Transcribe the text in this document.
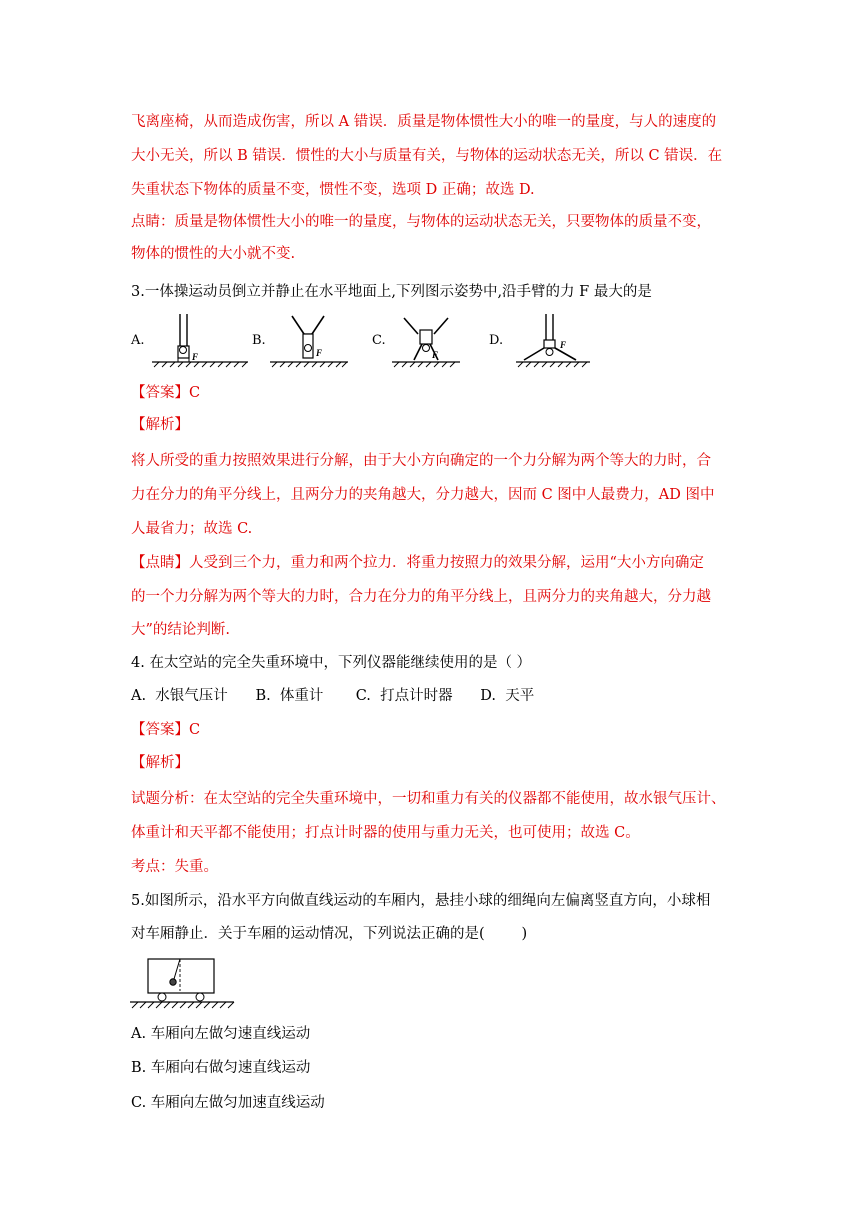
飞离座椅，从而造成伤害，所以 A 错误．质量是物体惯性大小的唯一的量度，与人的速度的
大小无关，所以 B 错误．惯性的大小与质量有关，与物体的运动状态无关，所以 C 错误．在
失重状态下物体的质量不变，惯性不变，选项 D 正确；故选 D.
点睛：质量是物体惯性大小的唯一的量度，与物体的运动状态无关，只要物体的质量不变，
物体的惯性的大小就不变.
3.一体操运动员倒立并静止在水平地面上,下列图示姿势中,沿手臂的力 F 最大的是
A.	B.	C.	D.
F	F	F
F
【答案】C
【解析】
将人所受的重力按照效果进行分解，由于大小方向确定的一个力分解为两个等大的力时，合
力在分力的角平分线上，且两分力的夹角越大，分力越大，因而 C 图中人最费力，AD 图中
人最省力；故选 C.
【点睛】人受到三个力，重力和两个拉力．将重力按照力的效果分解，运用“大小方向确定
的一个力分解为两个等大的力时，合力在分力的角平分线上，且两分力的夹角越大，分力越
大”的结论判断.
4. 在太空站的完全失重环境中，下列仪器能继续使用的是（ ）
A.  水银气压计      B.  体重计       C.  打点计时器      D.  天平
【答案】C
【解析】
试题分析：在太空站的完全失重环境中，一切和重力有关的仪器都不能使用，故水银气压计、
体重计和天平都不能使用；打点计时器的使用与重力无关，也可使用；故选 C。
考点：失重。
5.如图所示，沿水平方向做直线运动的车厢内，悬挂小球的细绳向左偏离竖直方向，小球相
对车厢静止．关于车厢的运动情况，下列说法正确的是(        )
A. 车厢向左做匀速直线运动
B. 车厢向右做匀速直线运动
C. 车厢向左做匀加速直线运动
